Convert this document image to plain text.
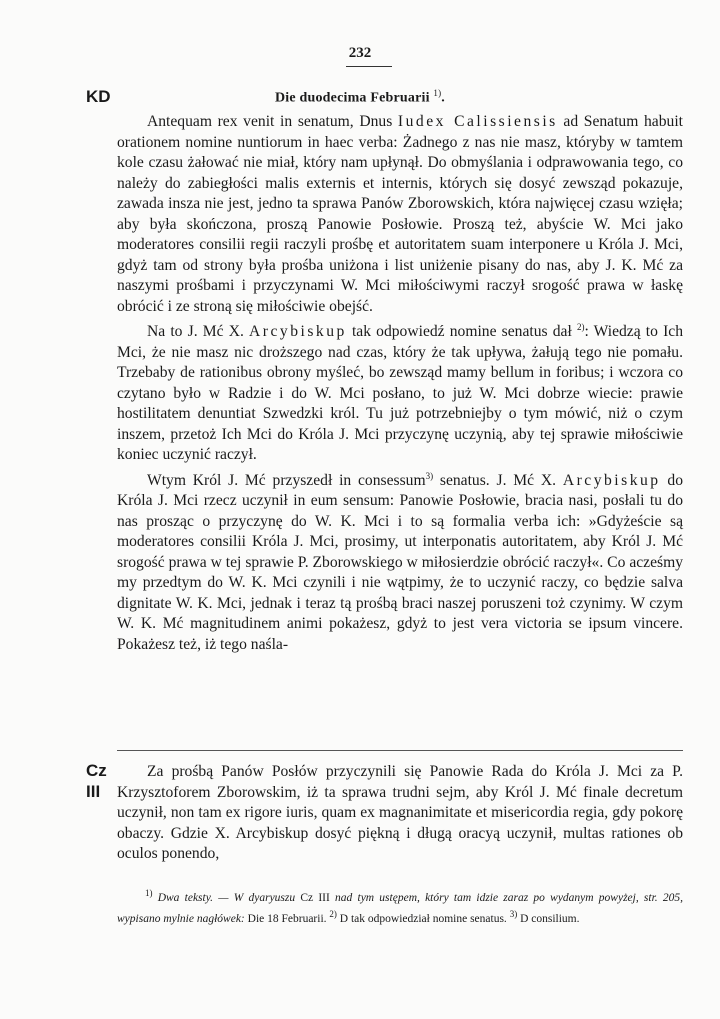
232
KD	Die duodecima Februarii $^{1)}$.

Antequam rex venit in senatum, Dnus Iudex Calissiensis ad Senatum habuit orationem nomine nuntiorum in haec verba: Żadnego z nas nie masz, któryby w tamtem kole czasu żałować nie miał, który nam upłynął. Do obmyślania i odprawowania tego, co należy do zabiegłości malis externis et internis, których się dosyć zewsząd pokazuje, zawada insza nie jest, jedno ta sprawa Panów Zborowskich, która najwięcej czasu wzięła; aby była skończona, proszą Panowie Posłowie. Proszą też, abyście W. Mci jako moderatores consilii regii raczyli prośbę et autoritatem suam interponere u Króla J. Mci, gdyż tam od strony była prośba uniżona i list uniżenie pisany do nas, aby J. K. Mć za naszymi prośbami i przyczynami W. Mci miłościwymi raczył srogość prawa w łaskę obrócić i ze stroną się miłościwie obejść.

Na to J. Mć X. Arcybiskup tak odpowiedź nomine senatus dał $^{2)}$: Wiedzą to Ich Mci, że nie masz nic droższego nad czas, który że tak upływa, żałują tego nie pomału. Trzebaby de rationibus obrony myśleć, bo zewsząd mamy bellum in foribus; i wczora co czytano było w Radzie i do W. Mci posłano, to już W. Mci dobrze wiecie: prawie hostilitatem denuntiat Szwedzki król. Tu już potrzebniejby o tym mówić, niż o czym inszem, przetoż Ich Mci do Króla J. Mci przyczynę uczynią, aby tej sprawie miłościwie koniec uczynić raczył.

Wtym Król J. Mć przyszedł in consessum$^{3)}$ senatus. J. Mć X. Arcybiskup do Króla J. Mci rzecz uczynił in eum sensum: Panowie Posłowie, bracia nasi, posłali tu do nas prosząc o przyczynę do W. K. Mci i to są formalia verba ich: »Gdyżeście są moderatores consilii Króla J. Mci, prosimy, ut interponatis autoritatem, aby Król J. Mć srogość prawa w tej sprawie P. Zborowskiego w miłosierdzie obrócić raczył«. Co acześmy my przedtym do W. K. Mci czynili i nie wątpimy, że to uczynić raczy, co będzie salva dignitate W. K. Mci, jednak i teraz tą prośbą braci naszej poruszeni toż czynimy. W czym W. K. Mć magnitudinem animi pokażesz, gdyż to jest vera victoria se ipsum vincere. Pokażesz też, iż tego naśla-

Cz
III

Za prośbą Panów Posłów przyczynili się Panowie Rada do Króla J. Mci za P. Krzysztoforem Zborowskim, iż ta sprawa trudni sejm, aby Król J. Mć finale decretum uczynił, non tam ex rigore iuris, quam ex magnanimitate et misericordia regia, gdy pokorę obaczy. Gdzie X. Arcybiskup dosyć piękną i długą oracyą uczynił, multas rationes ob oculos ponendo,

$^{1)}$ Dwa teksty. — W dyaryuszu Cz III nad tym ustępem, który tam idzie zaraz po wydanym powyżej, str. 205, wypisano mylnie nagłówek: Die 18 Februarii. $^{2)}$ D tak odpowiedział nomine senatus. $^{3)}$ D consilium.
